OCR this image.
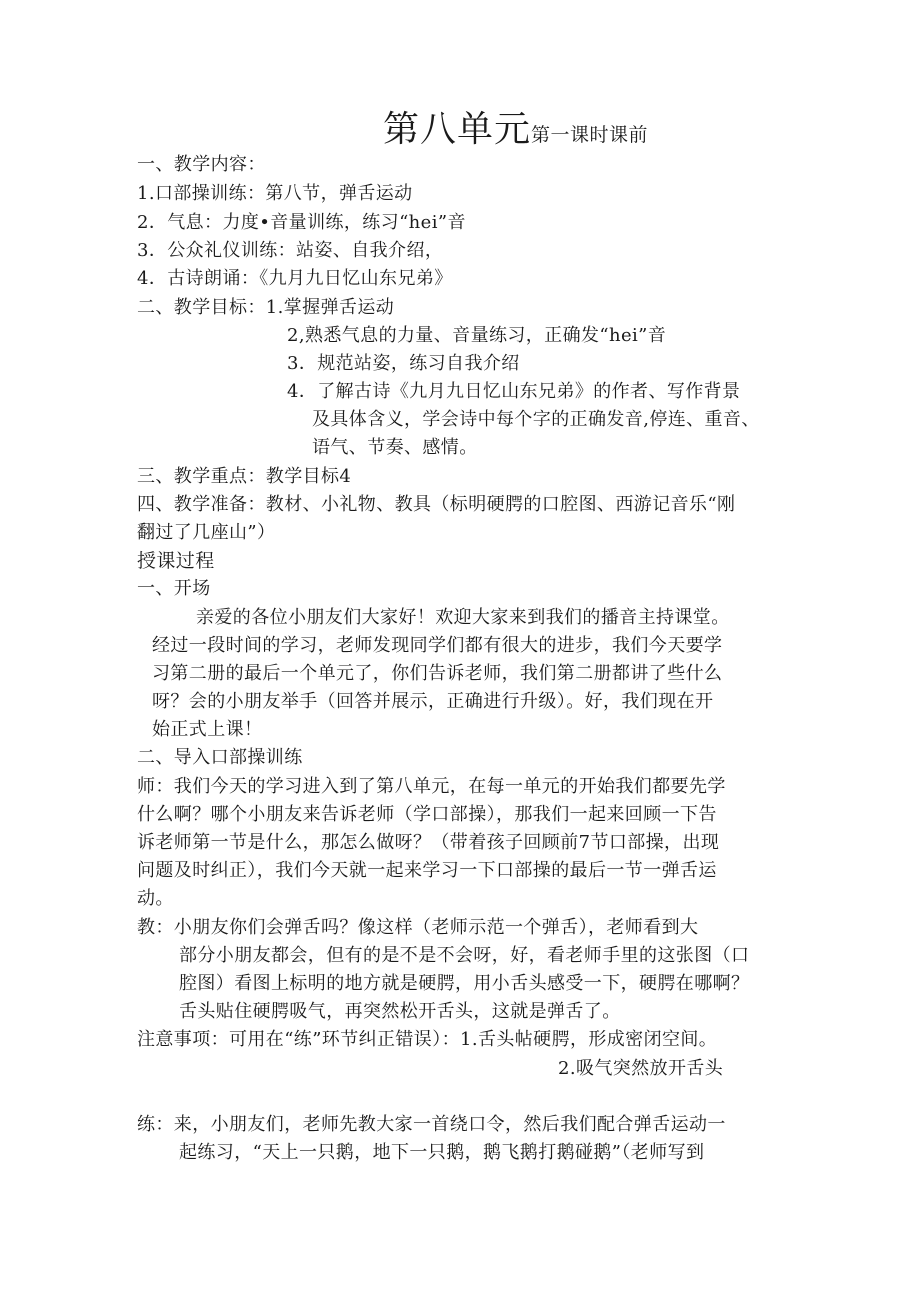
第八单元第一课时课前
一、教学内容：
1.口部操训练：第八节，弹舌运动
2．气息：力度•音量训练，练习“hei”音
3．公众礼仪训练：站姿、自我介绍，
4．古诗朗诵：《九月九日忆山东兄弟》
二、教学目标：1.掌握弹舌运动
2,熟悉气息的力量、音量练习，正确发“hei”音
3．规范站姿，练习自我介绍
4．了解古诗《九月九日忆山东兄弟》的作者、写作背景
及具体含义，学会诗中每个字的正确发音,停连、重音、
语气、节奏、感情。
三、教学重点：教学目标4
四、教学准备：教材、小礼物、教具（标明硬腭的口腔图、西游记音乐“刚
翻过了几座山”）
授课过程
一、开场
亲爱的各位小朋友们大家好！欢迎大家来到我们的播音主持课堂。
经过一段时间的学习，老师发现同学们都有很大的进步，我们今天要学
习第二册的最后一个单元了，你们告诉老师，我们第二册都讲了些什么
呀？会的小朋友举手（回答并展示，正确进行升级）。好，我们现在开
始正式上课！
二、导入口部操训练
师：我们今天的学习进入到了第八单元，在每一单元的开始我们都要先学
什么啊？哪个小朋友来告诉老师（学口部操），那我们一起来回顾一下告
诉老师第一节是什么，那怎么做呀？（带着孩子回顾前7节口部操，出现
问题及时纠正），我们今天就一起来学习一下口部操的最后一节一弹舌运
动。
教：小朋友你们会弹舌吗？像这样（老师示范一个弹舌），老师看到大
部分小朋友都会，但有的是不是不会呀，好，看老师手里的这张图（口
腔图）看图上标明的地方就是硬腭，用小舌头感受一下，硬腭在哪啊？
舌头贴住硬腭吸气，再突然松开舌头，这就是弹舌了。
注意事项：可用在“练”环节纠正错误）：1.舌头帖硬腭，形成密闭空间。
2.吸气突然放开舌头
练：来，小朋友们，老师先教大家一首绕口令，然后我们配合弹舌运动一
起练习，“天上一只鹅，地下一只鹅，鹅飞鹅打鹅碰鹅”（老师写到
